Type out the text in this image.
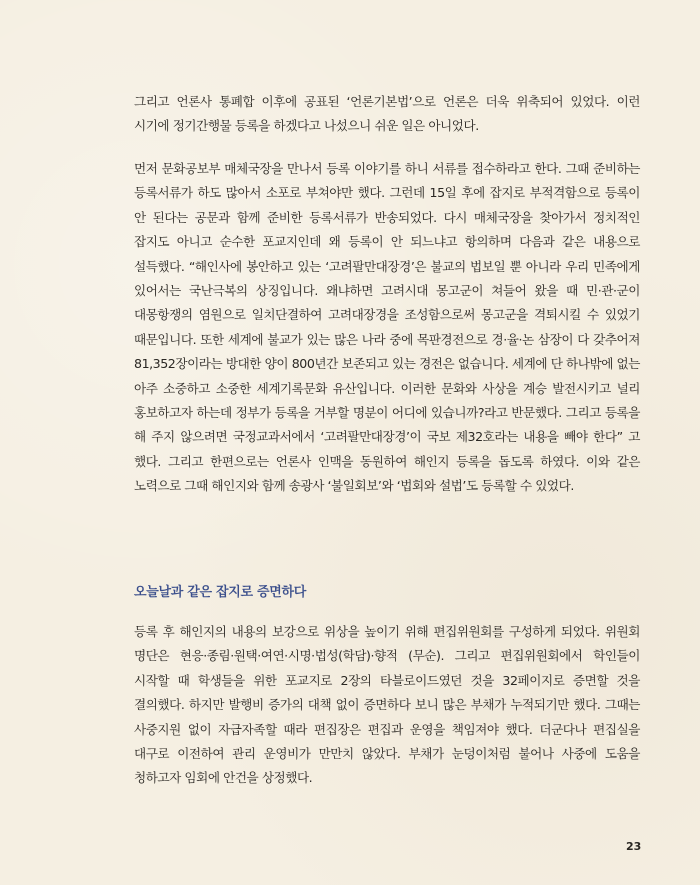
그리고 언론사 통폐합 이후에 공표된 ‘언론기본법’으로 언론은 더욱 위축되어 있었다. 이런 시기에 정기간행물 등록을 하겠다고 나섰으니 쉬운 일은 아니었다.

먼저 문화공보부 매체국장을 만나서 등록 이야기를 하니 서류를 접수하라고 한다. 그때 준비하는 등록서류가 하도 많아서 소포로 부쳐야만 했다. 그런데 15일 후에 잡지로 부적격함으로 등록이 안 된다는 공문과 함께 준비한 등록서류가 반송되었다. 다시 매체국장을 찾아가서 정치적인 잡지도 아니고 순수한 포교지인데 왜 등록이 안 되느냐고 항의하며 다음과 같은 내용으로 설득했다. “해인사에 봉안하고 있는 ‘고려팔만대장경’은 불교의 법보일 뿐 아니라 우리 민족에게 있어서는 국난극복의 상징입니다. 왜냐하면 고려시대 몽고군이 쳐들어 왔을 때 민·관·군이 대몽항쟁의 염원으로 일치단결하여 고려대장경을 조성함으로써 몽고군을 격퇴시킬 수 있었기 때문입니다. 또한 세계에 불교가 있는 많은 나라 중에 목판경전으로 경·율·논 삼장이 다 갖추어져 81,352장이라는 방대한 양이 800년간 보존되고 있는 경전은 없습니다. 세계에 단 하나밖에 없는 아주 소중하고 소중한 세계기록문화 유산입니다. 이러한 문화와 사상을 계승 발전시키고 널리 홍보하고자 하는데 정부가 등록을 거부할 명분이 어디에 있습니까?라고 반문했다. 그리고 등록을 해 주지 않으려면 국정교과서에서 ‘고려팔만대장경’이 국보 제32호라는 내용을 빼야 한다” 고 했다. 그리고 한편으로는 언론사 인맥을 동원하여 해인지 등록을 돕도록 하였다. 이와 같은 노력으로 그때 해인지와 함께 송광사 ‘불일회보’와 ‘법회와 설법’도 등록할 수 있었다.

오늘날과 같은 잡지로 증면하다

등록 후 해인지의 내용의 보강으로 위상을 높이기 위해 편집위원회를 구성하게 되었다. 위원회 명단은 현응·종림·원택·여연·시명·법성(학담)·향적 (무순). 그리고 편집위원회에서 학인들이 시작할 때 학생들을 위한 포교지로 2장의 타블로이드였던 것을 32페이지로 증면할 것을 결의했다. 하지만 발행비 증가의 대책 없이 증면하다 보니 많은 부채가 누적되기만 했다. 그때는 사중지원 없이 자급자족할 때라 편집장은 편집과 운영을 책임져야 했다. 더군다나 편집실을 대구로 이전하여 관리 운영비가 만만치 않았다. 부채가 눈덩이처럼 불어나 사중에 도움을 청하고자 임회에 안건을 상정했다.

23
